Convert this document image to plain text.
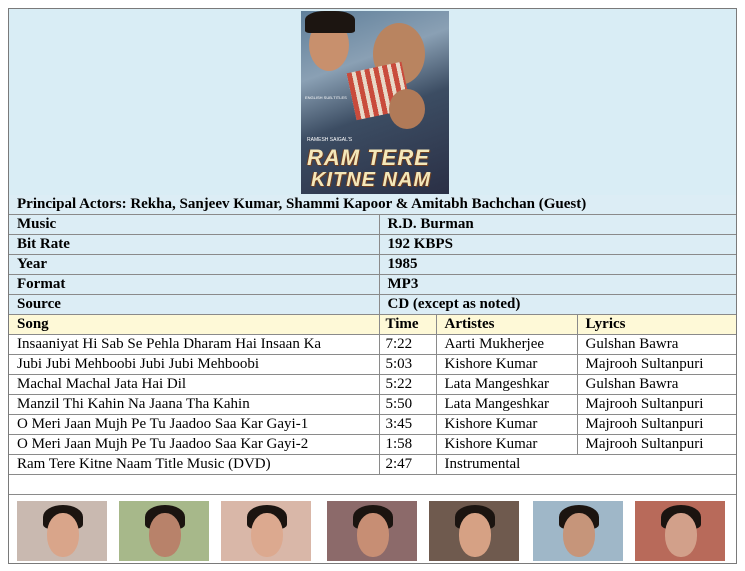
ENGLISH SUB-TITLES
RAMESH SAIGAL'S
RAM TERE
KITNE NAM
Principal Actors: Rekha, Sanjeev Kumar, Shammi Kapoor & Amitabh Bachchan (Guest)			
Music	R.D. Burman		
Bit Rate	192 KBPS		
Year	1985		
Format	MP3		
Source	CD (except as noted)		
Song	Time	Artistes	Lyrics
Insaaniyat Hi Sab Se Pehla Dharam Hai Insaan Ka	7:22	Aarti Mukherjee	Gulshan Bawra
Jubi Jubi Mehboobi Jubi Jubi Mehboobi	5:03	Kishore Kumar	Majrooh Sultanpuri
Machal Machal Jata Hai Dil	5:22	Lata Mangeshkar	Gulshan Bawra
Manzil Thi Kahin Na Jaana Tha Kahin	5:50	Lata Mangeshkar	Majrooh Sultanpuri
O Meri Jaan Mujh Pe Tu Jaadoo Saa Kar Gayi-1	3:45	Kishore Kumar	Majrooh Sultanpuri
O Meri Jaan Mujh Pe Tu Jaadoo Saa Kar Gayi-2	1:58	Kishore Kumar	Majrooh Sultanpuri
Ram Tere Kitne Naam Title Music (DVD)	2:47	Instrumental	
